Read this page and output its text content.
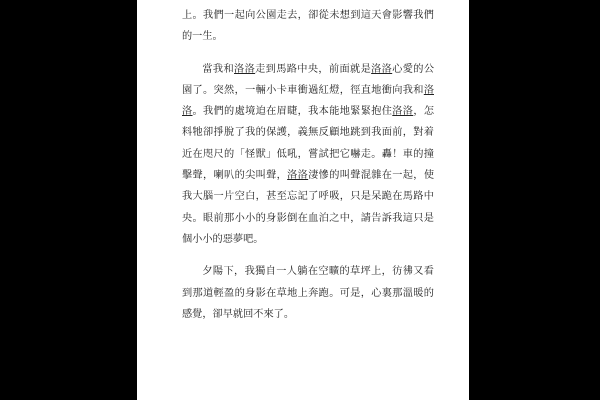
上。我們一起向公園走去，卻從未想到這天會影響我們的一生。

當我和洛洛走到馬路中央，前面就是洛洛心愛的公園了。突然，一輛小卡車衝過紅燈，徑直地衝向我和洛洛。我們的處境迫在眉睫，我本能地緊緊抱住洛洛，怎料牠卻掙脫了我的保護，義無反顧地跳到我面前，對着近在咫尺的「怪獸」低吼，嘗試把它嚇走。轟！車的撞擊聲，喇叭的尖叫聲，洛洛淒慘的叫聲混雜在一起，使我大腦一片空白，甚至忘記了呼吸，只是呆跪在馬路中央。眼前那小小的身影倒在血泊之中，請告訴我這只是個小小的惡夢吧。

夕陽下，我獨自一人躺在空曠的草坪上，彷彿又看到那道輕盈的身影在草地上奔跑。可是，心裏那溫暖的感覺，卻早就回不來了。
